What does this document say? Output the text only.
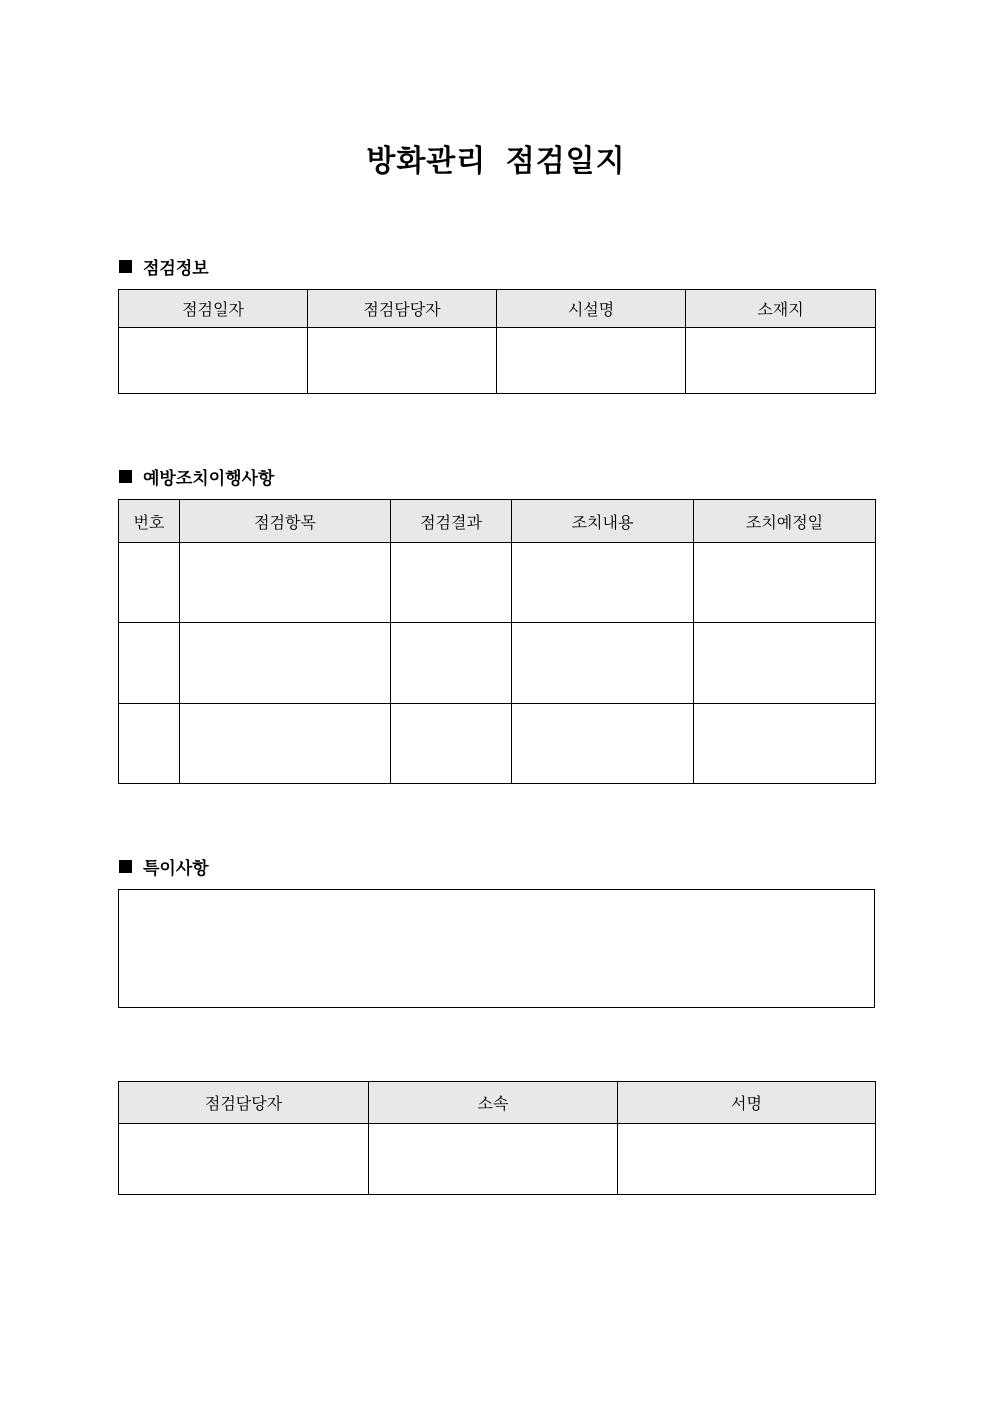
방화관리 점검일지
점검정보
점검일자	점검담당자	시설명	소재지

예방조치이행사항
번호	점검항목	점검결과	조치내용	조치예정일

특이사항
점검담당자	소속	서명
